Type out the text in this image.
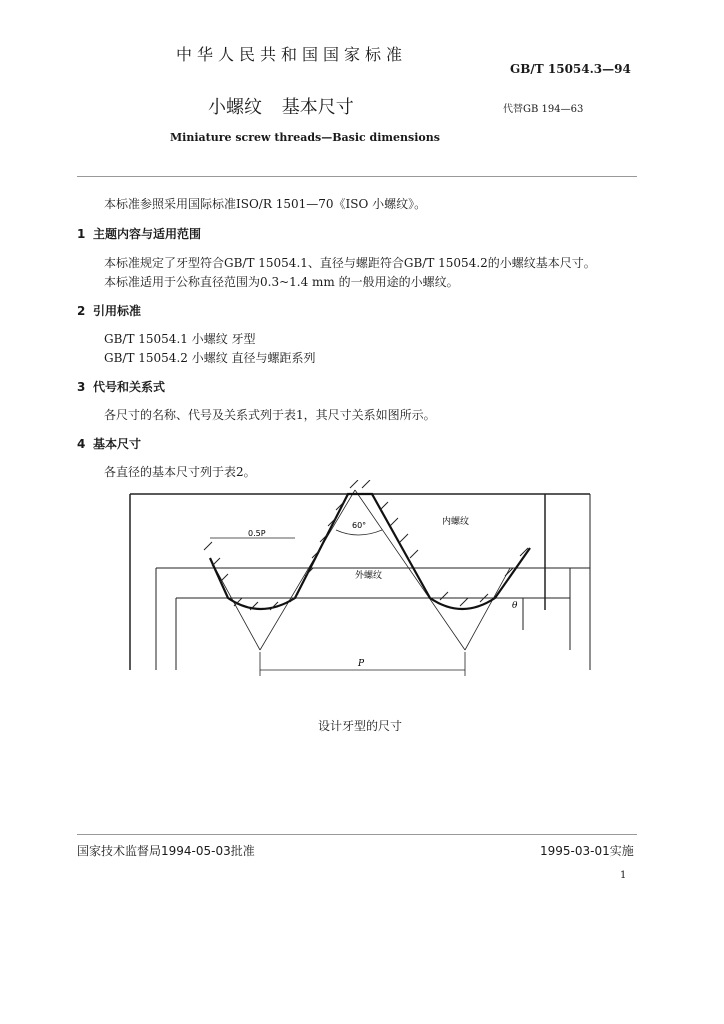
中华人民共和国国家标准
GB/T 15054.3—94
小螺纹 基本尺寸	代替GB 194—63
Miniature screw threads—Basic dimensions
本标准参照采用国际标准ISO/R 1501—70《ISO 小螺纹》。
1 主题内容与适用范围
本标准规定了牙型符合GB/T 15054.1、直径与螺距符合GB/T 15054.2的小螺纹基本尺寸。
本标准适用于公称直径范围为0.3~1.4 mm 的一般用途的小螺纹。
2 引用标准
GB/T 15054.1 小螺纹 牙型
GB/T 15054.2 小螺纹 直径与螺距系列
3 代号和关系式
各尺寸的名称、代号及关系式列于表1，其尺寸关系如图所示。
4 基本尺寸
各直径的基本尺寸列于表2。
0.5P
60°	内螺纹
外螺纹
P
θ
设计牙型的尺寸
国家技术监督局1994-05-03批准	1995-03-01实施
1
